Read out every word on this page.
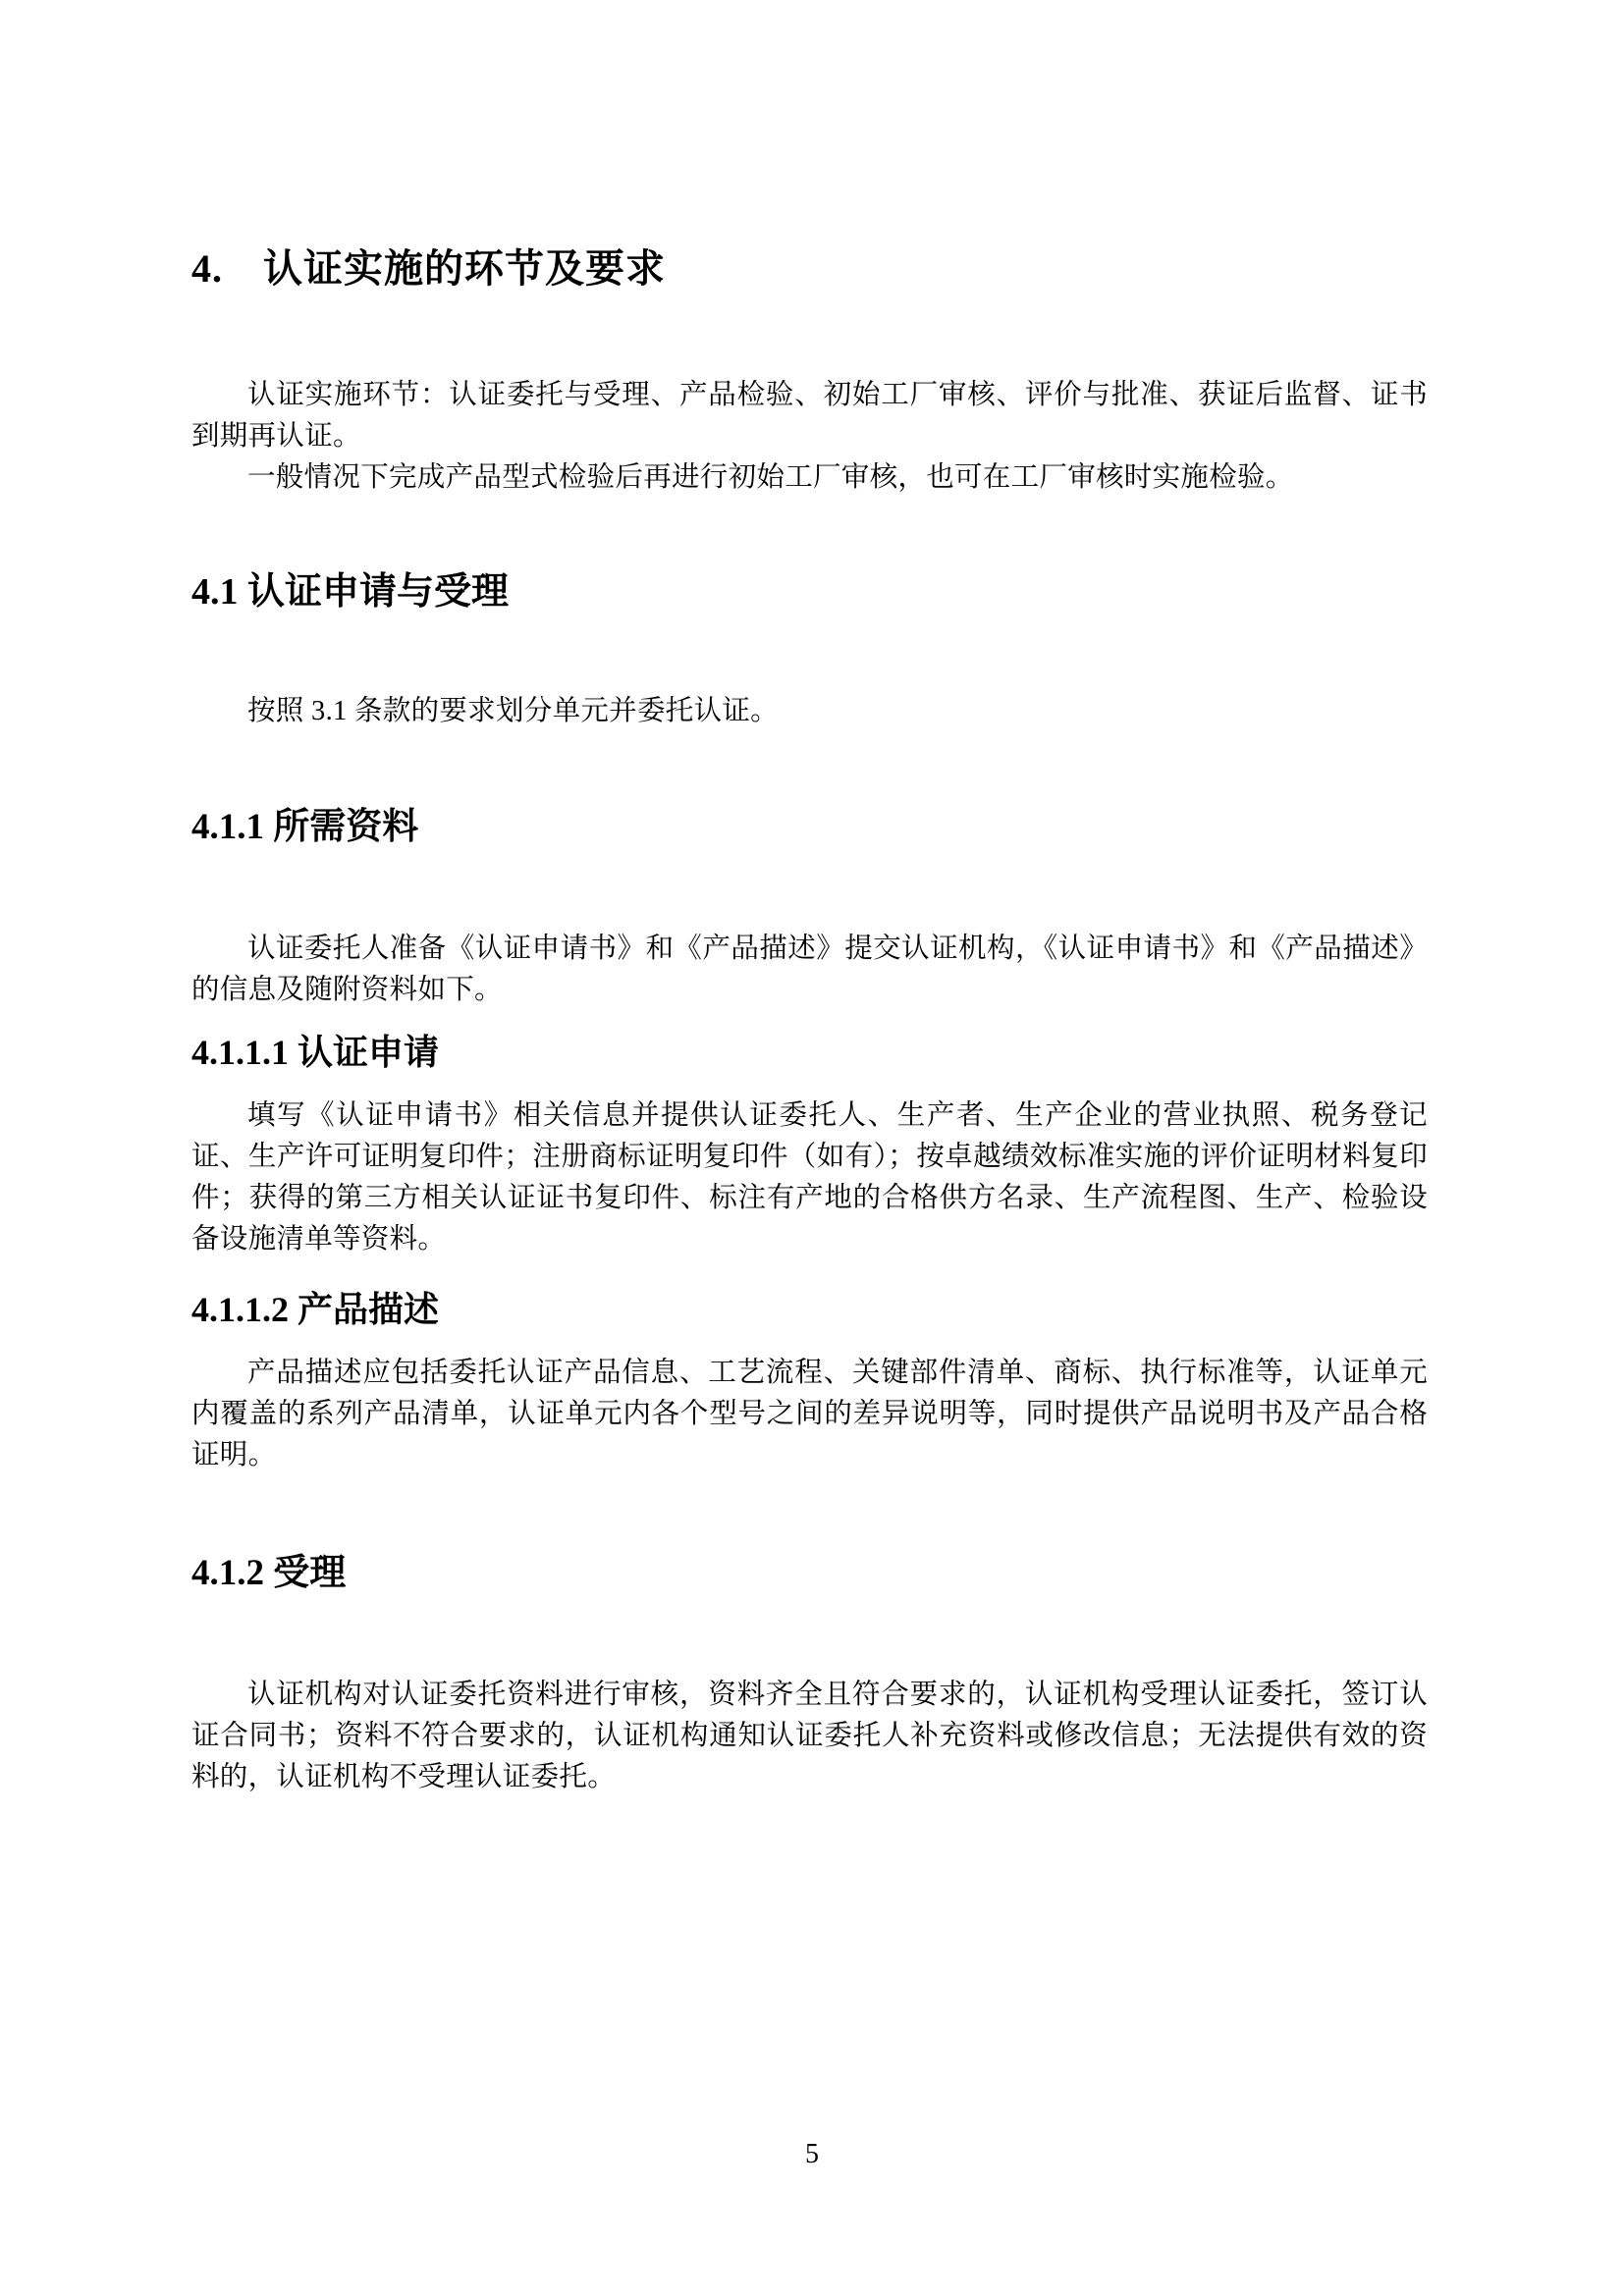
4.　认证实施的环节及要求

认证实施环节：认证委托与受理、产品检验、初始工厂审核、评价与批准、获证后监督、证书到期再认证。

一般情况下完成产品型式检验后再进行初始工厂审核，也可在工厂审核时实施检验。

4.1 认证申请与受理

按照 3.1 条款的要求划分单元并委托认证。

4.1.1 所需资料

认证委托人准备《认证申请书》和《产品描述》提交认证机构，《认证申请书》和《产品描述》的信息及随附资料如下。

4.1.1.1 认证申请

填写《认证申请书》相关信息并提供认证委托人、生产者、生产企业的营业执照、税务登记证、生产许可证明复印件；注册商标证明复印件（如有）；按卓越绩效标准实施的评价证明材料复印件；获得的第三方相关认证证书复印件、标注有产地的合格供方名录、生产流程图、生产、检验设备设施清单等资料。

4.1.1.2 产品描述

产品描述应包括委托认证产品信息、工艺流程、关键部件清单、商标、执行标准等，认证单元内覆盖的系列产品清单，认证单元内各个型号之间的差异说明等，同时提供产品说明书及产品合格证明。

4.1.2 受理

认证机构对认证委托资料进行审核，资料齐全且符合要求的，认证机构受理认证委托，签订认证合同书；资料不符合要求的，认证机构通知认证委托人补充资料或修改信息；无法提供有效的资料的，认证机构不受理认证委托。

5
